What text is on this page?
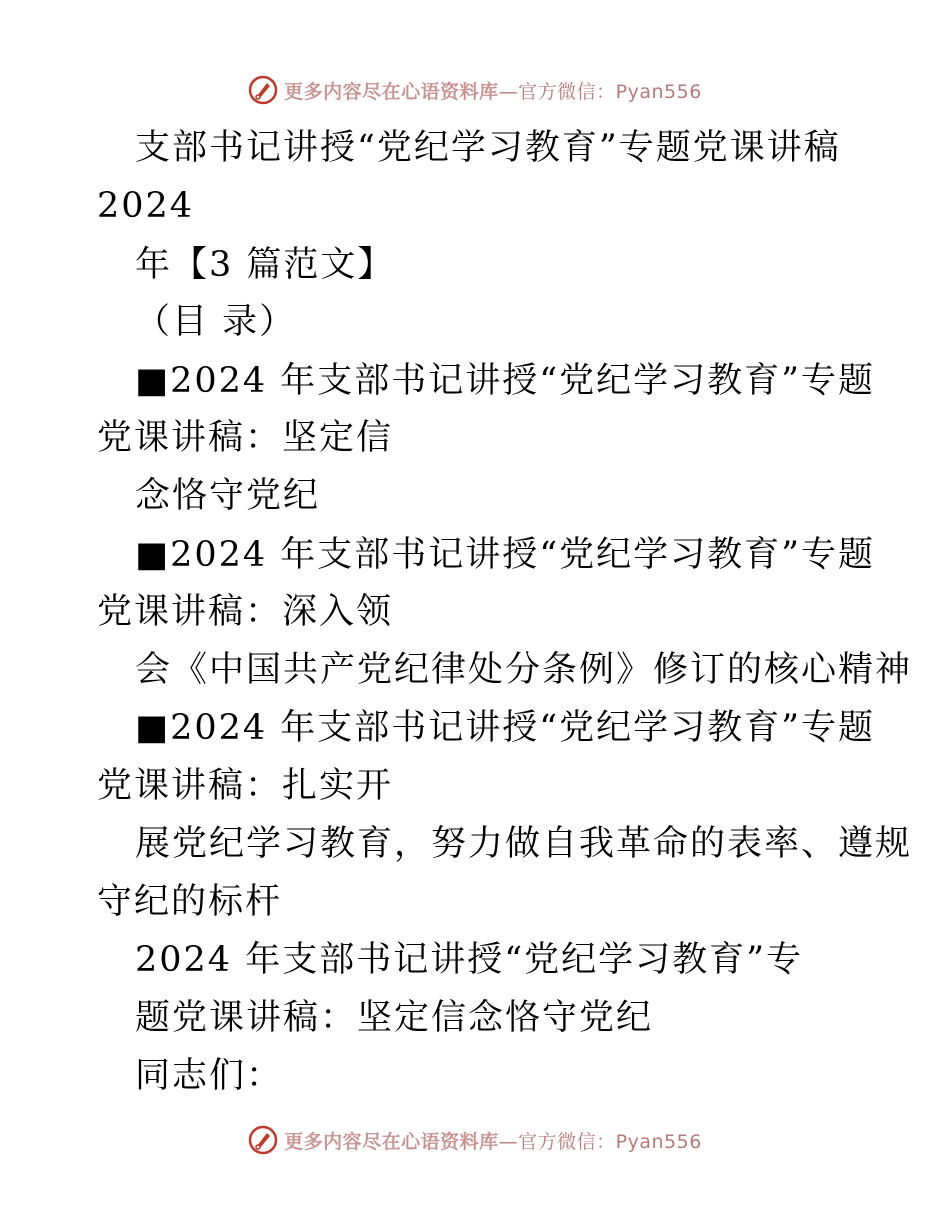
更多内容尽在心语资料库—官方微信：Pyan556
支部书记讲授“党纪学习教育”专题党课讲稿
2024
年【3 篇范文】
（目 录）
■2024 年支部书记讲授“党纪学习教育”专题
党课讲稿：坚定信
念恪守党纪
■2024 年支部书记讲授“党纪学习教育”专题
党课讲稿：深入领
会《中国共产党纪律处分条例》修订的核心精神
■2024 年支部书记讲授“党纪学习教育”专题
党课讲稿：扎实开
展党纪学习教育，努力做自我革命的表率、遵规
守纪的标杆
2024 年支部书记讲授“党纪学习教育”专
题党课讲稿：坚定信念恪守党纪
同志们：
更多内容尽在心语资料库—官方微信：Pyan556
